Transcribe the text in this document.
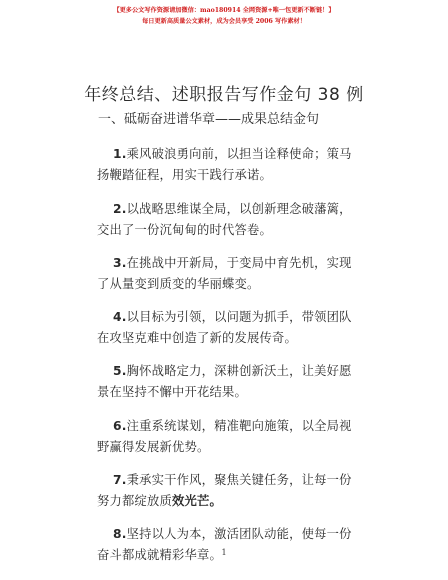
【更多公文写作资源请加微信：mao180914 全网资源+唯一包更新不断链！】
每日更新高质量公文素材，成为会员享受 2006 写作素材！
年终总结、述职报告写作金句 38 例
一、砥砺奋进谱华章——成果总结金句

1.乘风破浪勇向前，以担当诠释使命；策马扬鞭踏征程，用实干践行承诺。

2.以战略思维谋全局，以创新理念破藩篱，交出了一份沉甸甸的时代答卷。

3.在挑战中开新局，于变局中育先机，实现了从量变到质变的华丽蝶变。

4.以目标为引领，以问题为抓手，带领团队在攻坚克难中创造了新的发展传奇。

5.胸怀战略定力，深耕创新沃土，让美好愿景在坚持不懈中开花结果。

6.注重系统谋划，精准靶向施策，以全局视野赢得发展新优势。

7.秉承实干作风，聚焦关键任务，让每一份努力都绽放质效光芒。

8.坚持以人为本，激活团队动能，使每一份奋斗都成就精彩华章。 1
